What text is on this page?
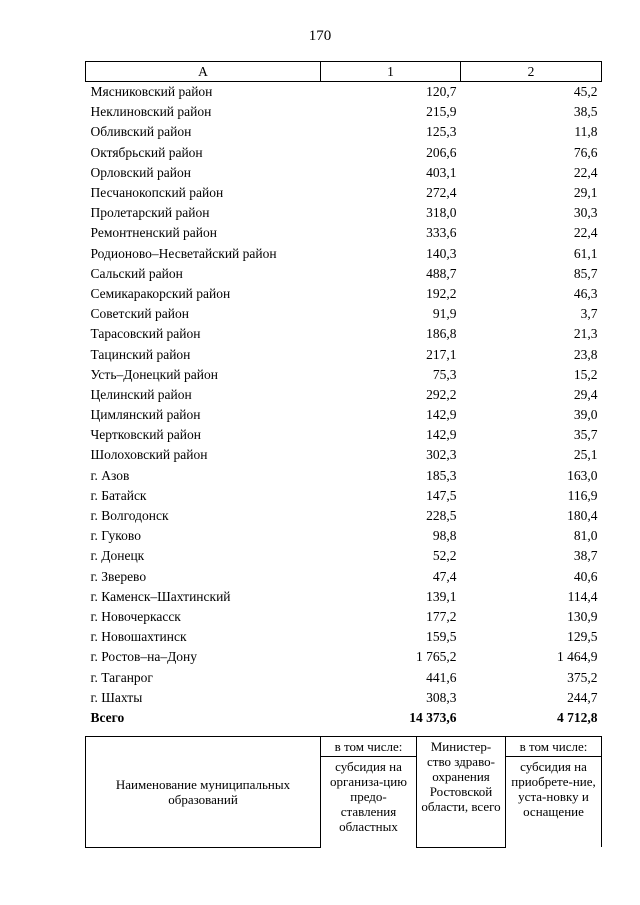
170
А	1	2
Мясниковский район	120,7	45,2
Неклиновский район	215,9	38,5
Обливский район	125,3	11,8
Октябрьский район	206,6	76,6
Орловский район	403,1	22,4
Песчанокопский район	272,4	29,1
Пролетарский район	318,0	30,3
Ремонтненский район	333,6	22,4
Родионово–Несветайский район	140,3	61,1
Сальский район	488,7	85,7
Семикаракорский район	192,2	46,3
Советский район	91,9	3,7
Тарасовский район	186,8	21,3
Тацинский район	217,1	23,8
Усть–Донецкий район	75,3	15,2
Целинский район	292,2	29,4
Цимлянский район	142,9	39,0
Чертковский район	142,9	35,7
Шолоховский район	302,3	25,1
г. Азов	185,3	163,0
г. Батайск	147,5	116,9
г. Волгодонск	228,5	180,4
г. Гуково	98,8	81,0
г. Донецк	52,2	38,7
г. Зверево	47,4	40,6
г. Каменск–Шахтинский	139,1	114,4
г. Новочеркасск	177,2	130,9
г. Новошахтинск	159,5	129,5
г. Ростов–на–Дону	1 765,2	1 464,9
г. Таганрог	441,6	375,2
г. Шахты	308,3	244,7
Всего	14 373,6	4 712,8
Наименование муниципальных образований	в том числе:	Министер-ство здраво-охранения Ростовской области, всего	в том числе:

	субсидия на организа-цию предо-ставления областных		субсидия на приобрете-ние, уста-новку и оснащение
